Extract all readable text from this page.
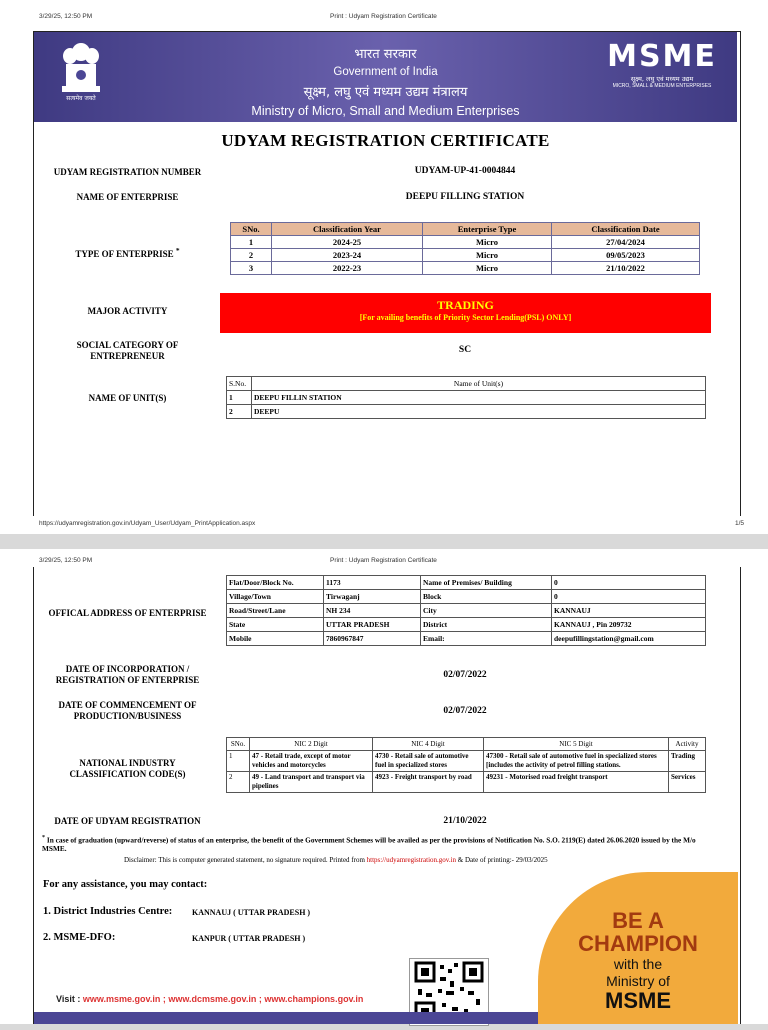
3/29/25, 12:50 PM	Print : Udyam Registration Certificate
सत्यमेव जयते
भारत सरकार
Government of India
सूक्ष्म, लघु एवं मध्यम उद्यम मंत्रालय
Ministry of Micro, Small and Medium Enterprises
MSME
सूक्ष्म, लघु एवं मध्यम उद्यम
MICRO, SMALL & MEDIUM ENTERPRISES
UDYAM REGISTRATION CERTIFICATE
UDYAM REGISTRATION NUMBER	UDYAM-UP-41-0004844
NAME OF ENTERPRISE	DEEPU FILLING STATION
TYPE OF ENTERPRISE *
SNo.	Classification Year	Enterprise Type	Classification Date
1	2024-25	Micro	27/04/2024
2	2023-24	Micro	09/05/2023
3	2022-23	Micro	21/10/2022
MAJOR ACTIVITY	TRADING
[For availing benefits of Priority Sector Lending(PSL) ONLY]
SOCIAL CATEGORY OF
ENTREPRENEUR
SC
NAME OF UNIT(S)
S.No.	Name of Unit(s)
1	DEEPU FILLIN STATION
2	DEEPU
https://udyamregistration.gov.in/Udyam_User/Udyam_PrintApplication.aspx	1/5
3/29/25, 12:50 PM	Print : Udyam Registration Certificate
OFFICAL ADDRESS OF ENTERPRISE
Flat/Door/Block No.	1173	Name of Premises/ Building	0
Village/Town	Tirwaganj	Block	0
Road/Street/Lane	NH 234	City	KANNAUJ
State	UTTAR PRADESH	District	KANNAUJ , Pin 209732
Mobile	7860967847	Email:	deepufillingstation@gmail.com
DATE OF INCORPORATION /
REGISTRATION OF ENTERPRISE	02/07/2022
DATE OF COMMENCEMENT OF
PRODUCTION/BUSINESS	02/07/2022
NATIONAL INDUSTRY
CLASSIFICATION CODE(S)
SNo.	NIC 2 Digit	NIC 4 Digit	NIC 5 Digit	Activity
1	47 - Retail trade, except of motor vehicles and motorcycles	4730 - Retail sale of automotive fuel in specialized stores	47300 - Retail sale of automotive fuel in specialized stores [includes the activity of petrol filling stations.	Trading
2	49 - Land transport and transport via pipelines	4923 - Freight transport by road	49231 - Motorised road freight transport	Services
DATE OF UDYAM REGISTRATION	21/10/2022
* In case of graduation (upward/reverse) of status of an enterprise, the benefit of the Government Schemes will be availed as per the provisions of Notification No. S.O. 2119(E) dated 26.06.2020 issued by the M/o MSME.
Disclaimer: This is computer generated statement, no signature required. Printed from https://udyamregistration.gov.in & Date of printing:- 29/03/2025
For any assistance, you may contact:
1. District Industries Centre: KANNAUJ ( UTTAR PRADESH )
2. MSME-DFO:	KANPUR ( UTTAR PRADESH )
BE A
CHAMPION
with the
Ministry of
MSME
Visit : www.msme.gov.in ; www.dcmsme.gov.in ; www.champions.gov.in
